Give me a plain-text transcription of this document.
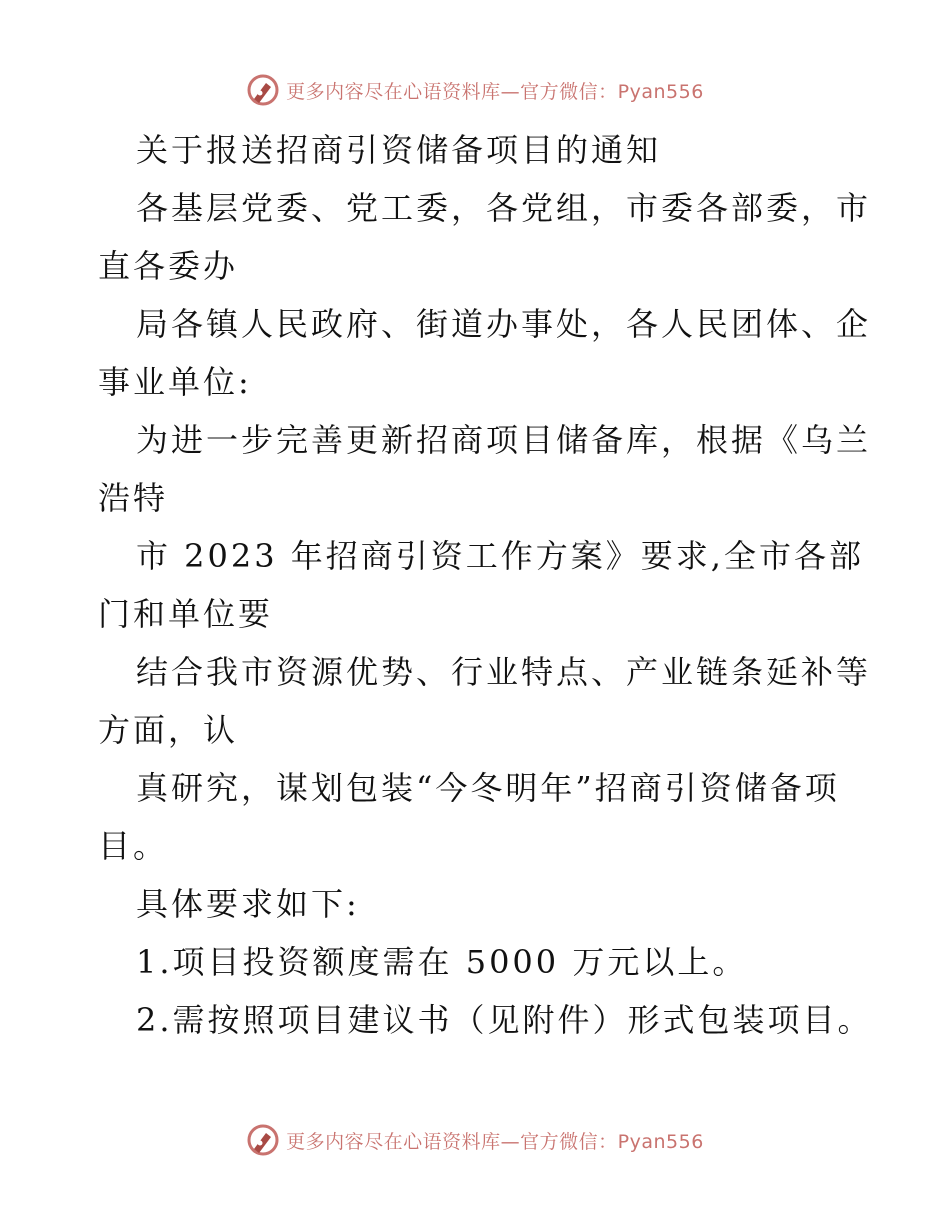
更多内容尽在心语资料库—官方微信：Pyan556
关于报送招商引资储备项目的通知
各基层党委、党工委，各党组，市委各部委，市
直各委办
局各镇人民政府、街道办事处，各人民团体、企
事业单位:
为进一步完善更新招商项目储备库，根据《乌兰
浩特
市 2023 年招商引资工作方案》要求,全市各部
门和单位要
结合我市资源优势、行业特点、产业链条延补等
方面，认
真研究，谋划包装“今冬明年”招商引资储备项
目。
具体要求如下:
1.项目投资额度需在 5000 万元以上。
2.需按照项目建议书（见附件）形式包装项目。
更多内容尽在心语资料库—官方微信：Pyan556
